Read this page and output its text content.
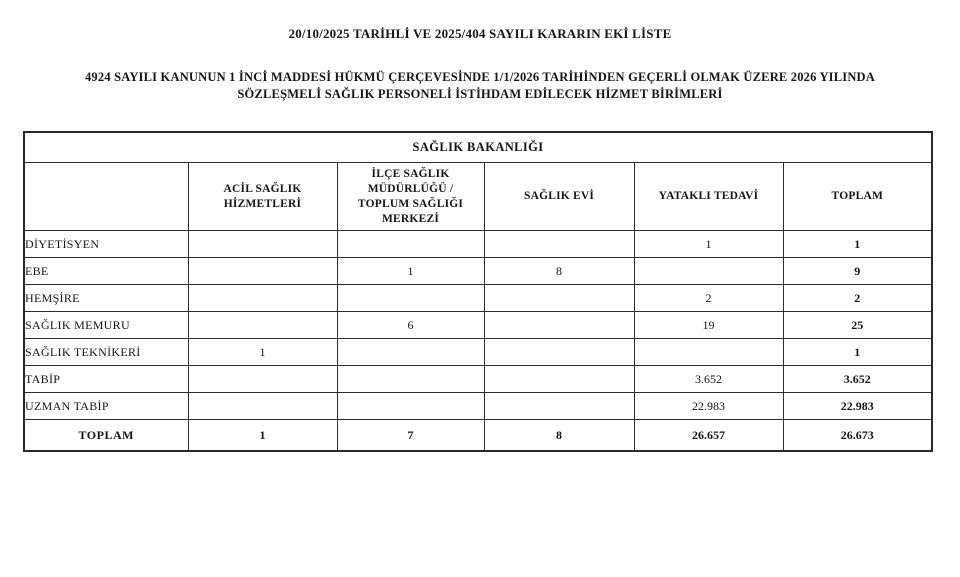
20/10/2025 TARİHLİ VE 2025/404 SAYILI KARARIN EKİ LİSTE
4924 SAYILI KANUNUN 1 İNCİ MADDESİ HÜKMÜ ÇERÇEVESİNDE 1/1/2026 TARİHİNDEN GEÇERLİ OLMAK ÜZERE 2026 YILINDA
SÖZLEŞMELİ SAĞLIK PERSONELİ İSTİHDAM EDİLECEK HİZMET BİRİMLERİ
SAĞLIK BAKANLIĞI					
	ACİL SAĞLIK HİZMETLERİ	İLÇE SAĞLIK MÜDÜRLÜĞÜ / TOPLUM SAĞLIĞI MERKEZİ	SAĞLIK EVİ	YATAKLI TEDAVİ	TOPLAM
DİYETİSYEN				1	1
EBE		1	8		9
HEMŞİRE				2	2
SAĞLIK MEMURU		6		19	25
SAĞLIK TEKNİKERİ	1				1
TABİP				3.652	3.652
UZMAN TABİP				22.983	22.983
TOPLAM	1	7	8	26.657	26.673
